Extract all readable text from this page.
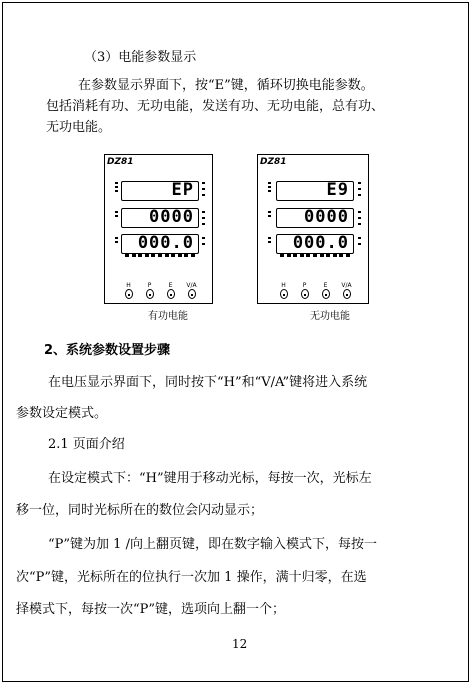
（3）电能参数显示
在参数显示界面下，按“E”键，循环切换电能参数。
包括消耗有功、无功电能，发送有功、无功电能，总有功、
无功电能。
DZ81
EP
0000
000.0
H	P	E	V/A
有功电能
DZ81
E9
0000
000.0
H	P	E	V/A
无功电能
2、系统参数设置步骤
在电压显示界面下，同时按下“H”和“V/A”键将进入系统
参数设定模式。
2.1 页面介绍
在设定模式下：“H”键用于移动光标，每按一次，光标左
移一位，同时光标所在的数位会闪动显示；
“P”键为加 1 /向上翻页键，即在数字输入模式下，每按一
次“P”键，光标所在的位执行一次加 1 操作，满十归零，在选
择模式下，每按一次“P”键，选项向上翻一个；
12
